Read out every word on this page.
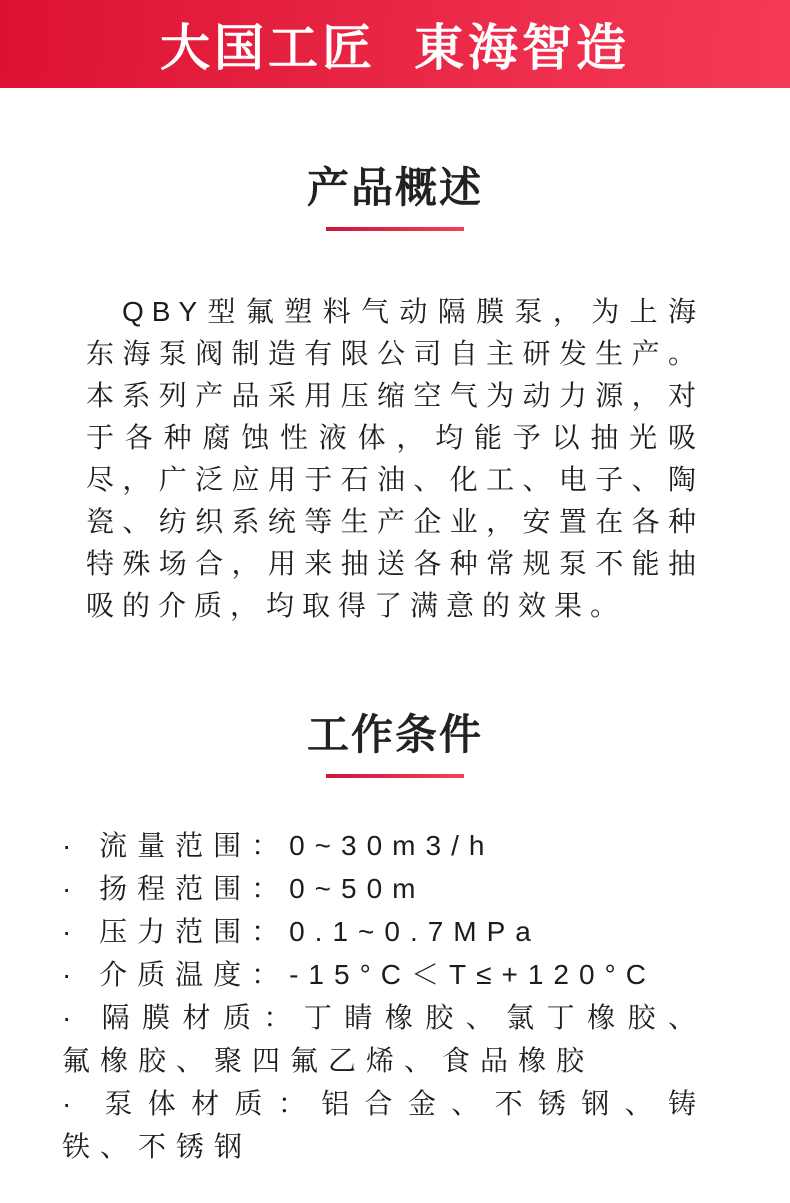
大国工匠 東海智造
产品概述

QBY型氟塑料气动隔膜泵，为上海东海泵阀制造有限公司自主研发生产。本系列产品采用压缩空气为动力源，对于各种腐蚀性液体，均能予以抽光吸尽，广泛应用于石油、化工、电子、陶瓷、纺织系统等生产企业，安置在各种特殊场合，用来抽送各种常规泵不能抽吸的介质，均取得了满意的效果。

工作条件
· 流量范围：0~30m3/h
· 扬程范围：0~50m
· 压力范围：0.1~0.7MPa
· 介质温度：-15°C＜T≤+120°C
· 隔膜材质：丁睛橡胶、氯丁橡胶、氟橡胶、聚四氟乙烯、食品橡胶
· 泵体材质：铝合金、不锈钢、铸铁、不锈钢
